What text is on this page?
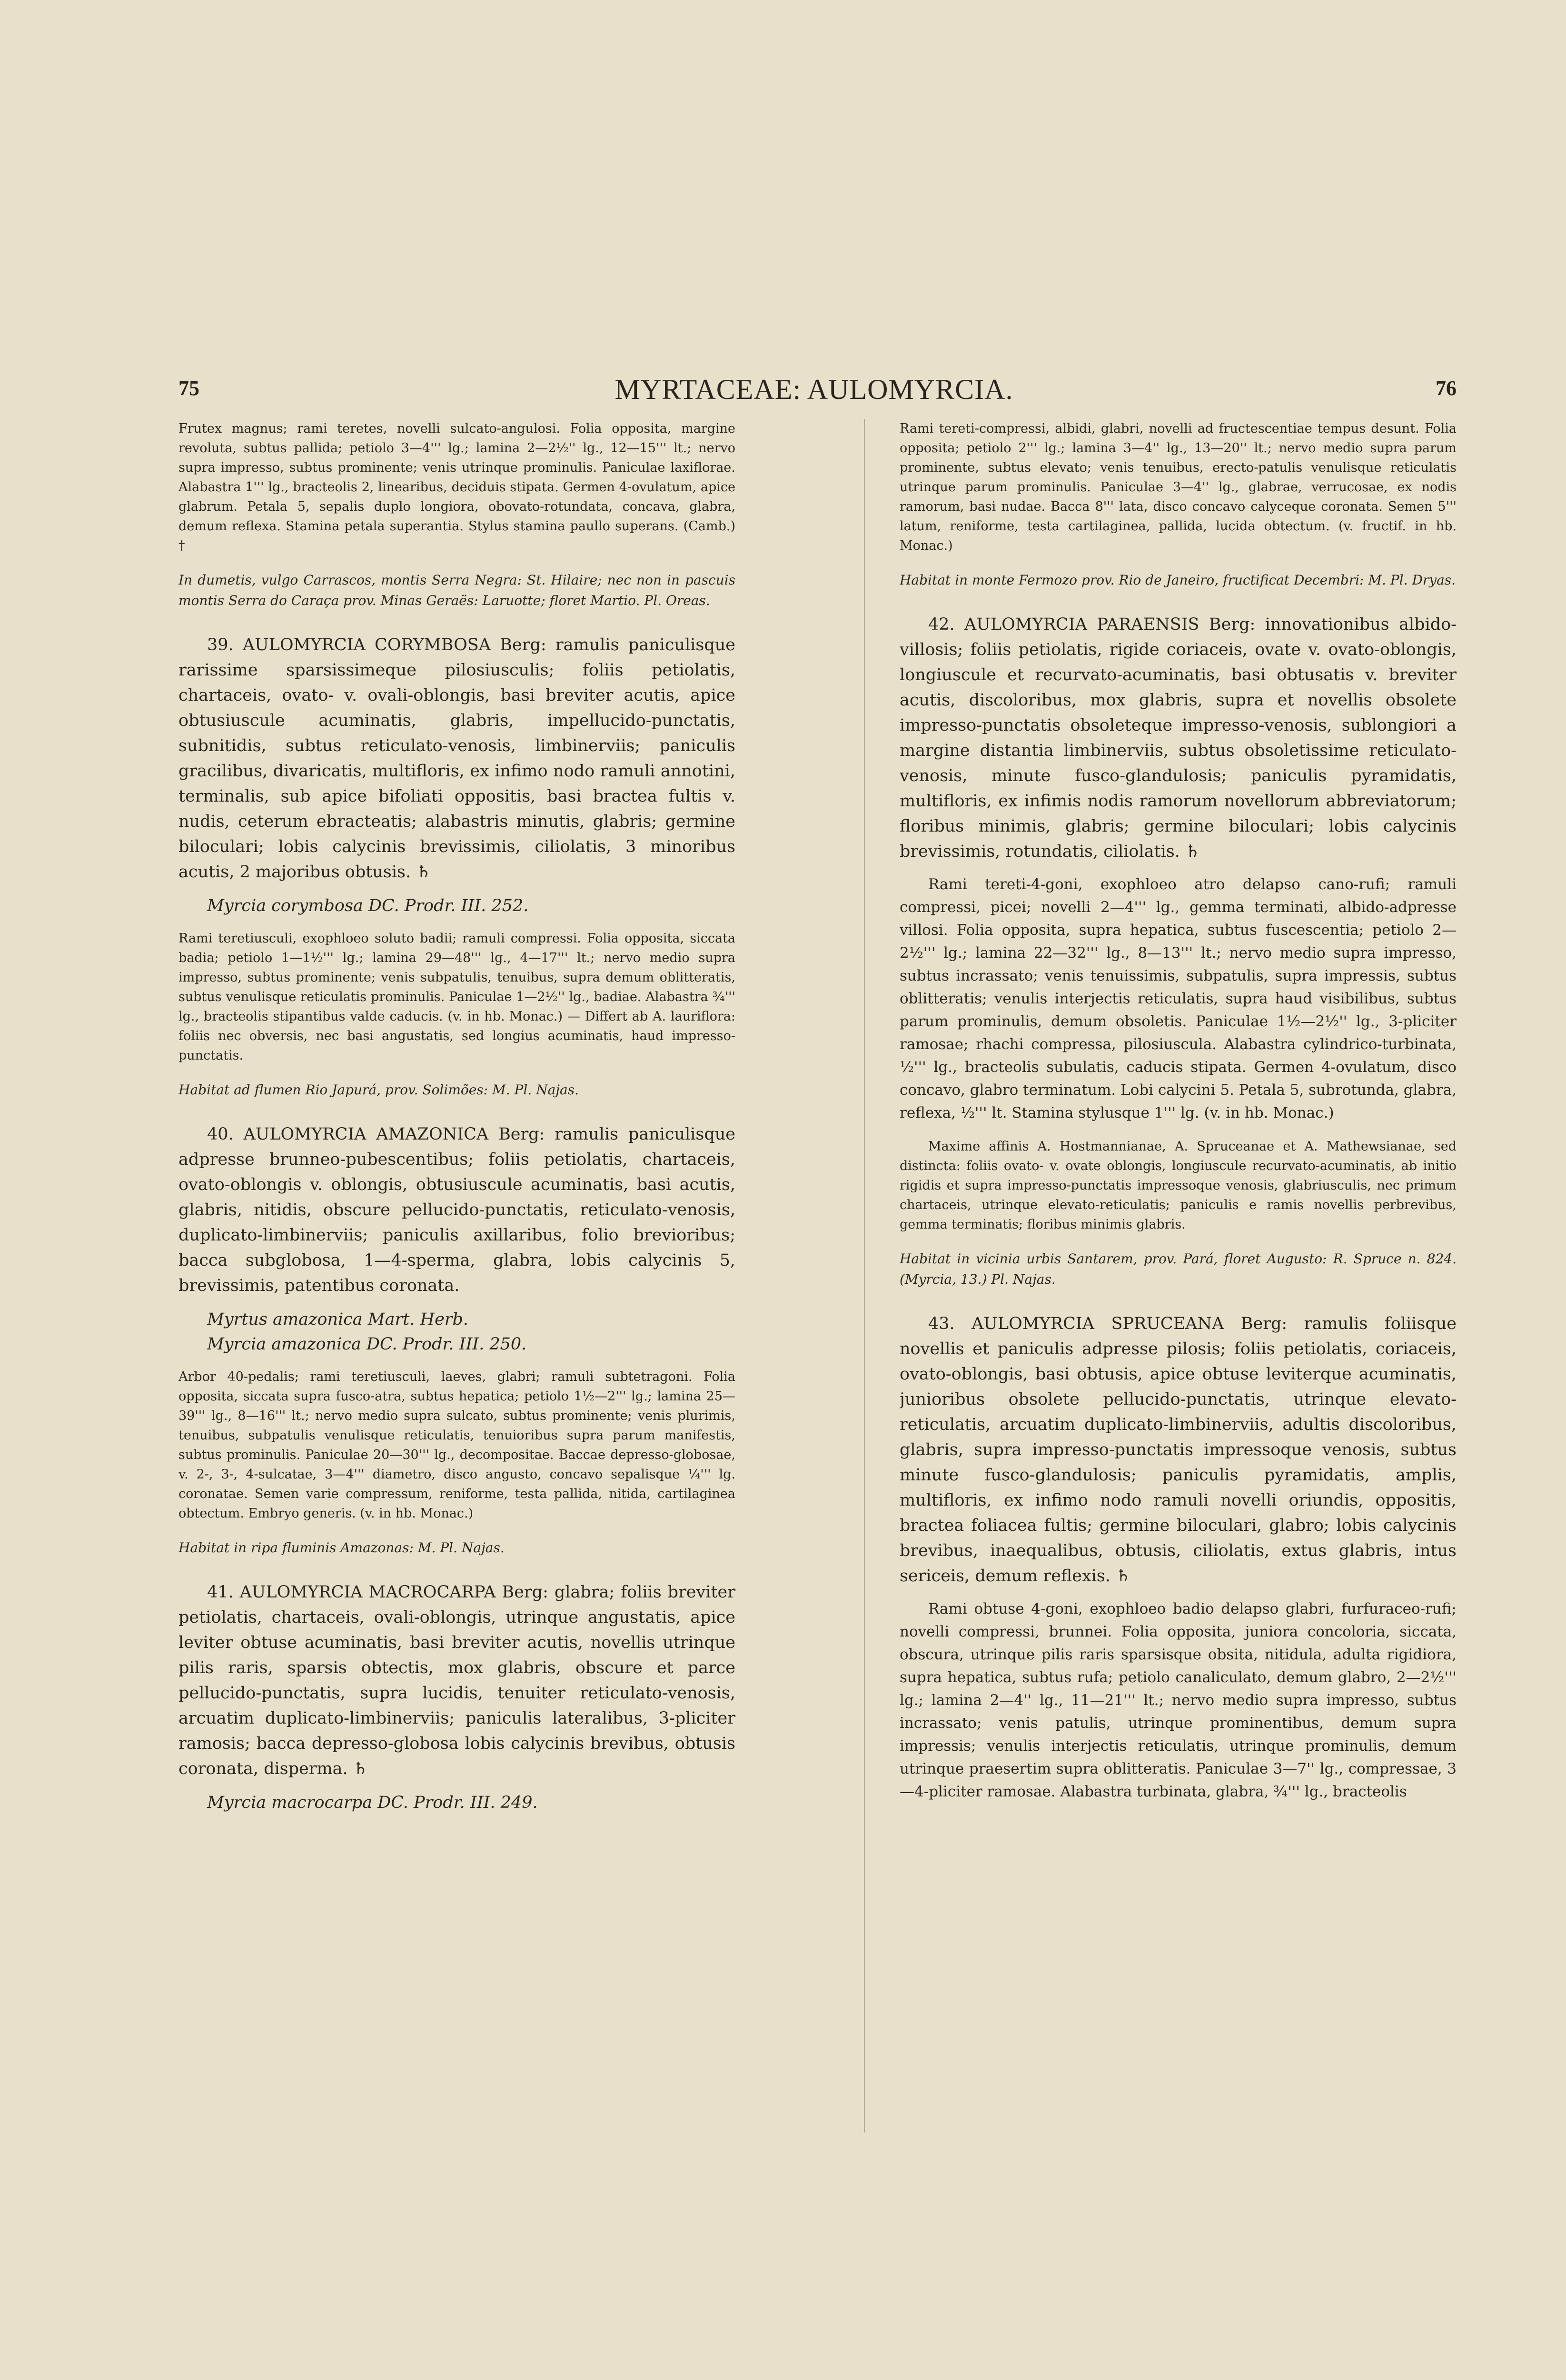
75	MYRTACEAE: AULOMYRCIA.	76

Frutex magnus; rami teretes, novelli sulcato-angulosi. Folia opposita, margine revoluta, subtus pallida; petiolo 3—4''' lg.; lamina 2—2½'' lg., 12—15''' lt.; nervo supra impresso, subtus prominente; venis utrinque prominulis. Paniculae laxiflorae. Alabastra 1''' lg., bracteolis 2, linearibus, deciduis stipata. Germen 4-ovulatum, apice glabrum. Petala 5, sepalis duplo longiora, obovato-rotundata, concava, glabra, demum reflexa. Stamina petala superantia. Stylus stamina paullo superans. (Camb.) †

In dumetis, vulgo Carrascos, montis Serra Negra: St. Hilaire; nec non in pascuis montis Serra do Caraça prov. Minas Geraës: Laruotte; floret Martio. Pl. Oreas.

39. AULOMYRCIA CORYMBOSA Berg: ramulis paniculisque rarissime sparsissimeque pilosiusculis; foliis petiolatis, chartaceis, ovato- v. ovali-oblongis, basi breviter acutis, apice obtusiuscule acuminatis, glabris, impellucido-punctatis, subnitidis, subtus reticulato-venosis, limbinerviis; paniculis gracilibus, divaricatis, multifloris, ex infimo nodo ramuli annotini, terminalis, sub apice bifoliati oppositis, basi bractea fultis v. nudis, ceterum ebracteatis; alabastris minutis, glabris; germine biloculari; lobis calycinis brevissimis, ciliolatis, 3 minoribus acutis, 2 majoribus obtusis. ♄

Myrcia corymbosa DC. Prodr. III. 252.

Rami teretiusculi, exophloeo soluto badii; ramuli compressi. Folia opposita, siccata badia; petiolo 1—1½''' lg.; lamina 29—48''' lg., 4—17''' lt.; nervo medio supra impresso, subtus prominente; venis subpatulis, tenuibus, supra demum oblitteratis, subtus venulisque reticulatis prominulis. Paniculae 1—2½'' lg., badiae. Alabastra ¾''' lg., bracteolis stipantibus valde caducis. (v. in hb. Monac.) — Differt ab A. lauriflora: foliis nec obversis, nec basi angustatis, sed longius acuminatis, haud impresso-punctatis.

Habitat ad flumen Rio Japurá, prov. Solimões: M. Pl. Najas.

40. AULOMYRCIA AMAZONICA Berg: ramulis paniculisque adpresse brunneo-pubescentibus; foliis petiolatis, chartaceis, ovato-oblongis v. oblongis, obtusiuscule acuminatis, basi acutis, glabris, nitidis, obscure pellucido-punctatis, reticulato-venosis, duplicato-limbinerviis; paniculis axillaribus, folio brevioribus; bacca subglobosa, 1—4-sperma, glabra, lobis calycinis 5, brevissimis, patentibus coronata.

Myrtus amazonica Mart. Herb.

Myrcia amazonica DC. Prodr. III. 250.

Arbor 40-pedalis; rami teretiusculi, laeves, glabri; ramuli subtetragoni. Folia opposita, siccata supra fusco-atra, subtus hepatica; petiolo 1½—2''' lg.; lamina 25—39''' lg., 8—16''' lt.; nervo medio supra sulcato, subtus prominente; venis plurimis, tenuibus, subpatulis venulisque reticulatis, tenuioribus supra parum manifestis, subtus prominulis. Paniculae 20—30''' lg., decompositae. Baccae depresso-globosae, v. 2-, 3-, 4-sulcatae, 3—4''' diametro, disco angusto, concavo sepalisque ¼''' lg. coronatae. Semen varie compressum, reniforme, testa pallida, nitida, cartilaginea obtectum. Embryo generis. (v. in hb. Monac.)

Habitat in ripa fluminis Amazonas: M. Pl. Najas.

41. AULOMYRCIA MACROCARPA Berg: glabra; foliis breviter petiolatis, chartaceis, ovali-oblongis, utrinque angustatis, apice leviter obtuse acuminatis, basi breviter acutis, novellis utrinque pilis raris, sparsis obtectis, mox glabris, obscure et parce pellucido-punctatis, supra lucidis, tenuiter reticulato-venosis, arcuatim duplicato-limbinerviis; paniculis lateralibus, 3-pliciter ramosis; bacca depresso-globosa lobis calycinis brevibus, obtusis coronata, disperma. ♄

Myrcia macrocarpa DC. Prodr. III. 249.

Rami tereti-compressi, albidi, glabri, novelli ad fructescentiae tempus desunt. Folia opposita; petiolo 2''' lg.; lamina 3—4'' lg., 13—20'' lt.; nervo medio supra parum prominente, subtus elevato; venis tenuibus, erecto-patulis venulisque reticulatis utrinque parum prominulis. Paniculae 3—4'' lg., glabrae, verrucosae, ex nodis ramorum, basi nudae. Bacca 8''' lata, disco concavo calyceque coronata. Semen 5''' latum, reniforme, testa cartilaginea, pallida, lucida obtectum. (v. fructif. in hb. Monac.)

Habitat in monte Fermozo prov. Rio de Janeiro, fructificat Decembri: M. Pl. Dryas.

42. AULOMYRCIA PARAENSIS Berg: innovationibus albido-villosis; foliis petiolatis, rigide coriaceis, ovate v. ovato-oblongis, longiuscule et recurvato-acuminatis, basi obtusatis v. breviter acutis, discoloribus, mox glabris, supra et novellis obsolete impresso-punctatis obsoleteque impresso-venosis, sublongiori a margine distantia limbinerviis, subtus obsoletissime reticulato-venosis, minute fusco-glandulosis; paniculis pyramidatis, multifloris, ex infimis nodis ramorum novellorum abbreviatorum; floribus minimis, glabris; germine biloculari; lobis calycinis brevissimis, rotundatis, ciliolatis. ♄

Rami tereti-4-goni, exophloeo atro delapso cano-rufi; ramuli compressi, picei; novelli 2—4''' lg., gemma terminati, albido-adpresse villosi. Folia opposita, supra hepatica, subtus fuscescentia; petiolo 2—2½''' lg.; lamina 22—32''' lg., 8—13''' lt.; nervo medio supra impresso, subtus incrassato; venis tenuissimis, subpatulis, supra impressis, subtus oblitteratis; venulis interjectis reticulatis, supra haud visibilibus, subtus parum prominulis, demum obsoletis. Paniculae 1½—2½'' lg., 3-pliciter ramosae; rhachi compressa, pilosiuscula. Alabastra cylindrico-turbinata, ½''' lg., bracteolis subulatis, caducis stipata. Germen 4-ovulatum, disco concavo, glabro terminatum. Lobi calycini 5. Petala 5, subrotunda, glabra, reflexa, ½''' lt. Stamina stylusque 1''' lg. (v. in hb. Monac.)

Maxime affinis A. Hostmannianae, A. Spruceanae et A. Mathewsianae, sed distincta: foliis ovato- v. ovate oblongis, longiuscule recurvato-acuminatis, ab initio rigidis et supra impresso-punctatis impressoque venosis, glabriusculis, nec primum chartaceis, utrinque elevato-reticulatis; paniculis e ramis novellis perbrevibus, gemma terminatis; floribus minimis glabris.

Habitat in vicinia urbis Santarem, prov. Pará, floret Augusto: R. Spruce n. 824. (Myrcia, 13.) Pl. Najas.

43. AULOMYRCIA SPRUCEANA Berg: ramulis foliisque novellis et paniculis adpresse pilosis; foliis petiolatis, coriaceis, ovato-oblongis, basi obtusis, apice obtuse leviterque acuminatis, junioribus obsolete pellucido-punctatis, utrinque elevato-reticulatis, arcuatim duplicato-limbinerviis, adultis discoloribus, glabris, supra impresso-punctatis impressoque venosis, subtus minute fusco-glandulosis; paniculis pyramidatis, amplis, multifloris, ex infimo nodo ramuli novelli oriundis, oppositis, bractea foliacea fultis; germine biloculari, glabro; lobis calycinis brevibus, inaequalibus, obtusis, ciliolatis, extus glabris, intus sericeis, demum reflexis. ♄

Rami obtuse 4-goni, exophloeo badio delapso glabri, furfuraceo-rufi; novelli compressi, brunnei. Folia opposita, juniora concoloria, siccata, obscura, utrinque pilis raris sparsisque obsita, nitidula, adulta rigidiora, supra hepatica, subtus rufa; petiolo canaliculato, demum glabro, 2—2½''' lg.; lamina 2—4'' lg., 11—21''' lt.; nervo medio supra impresso, subtus incrassato; venis patulis, utrinque prominentibus, demum supra impressis; venulis interjectis reticulatis, utrinque prominulis, demum utrinque praesertim supra oblitteratis. Paniculae 3—7'' lg., compressae, 3—4-pliciter ramosae. Alabastra turbinata, glabra, ¾''' lg., bracteolis
